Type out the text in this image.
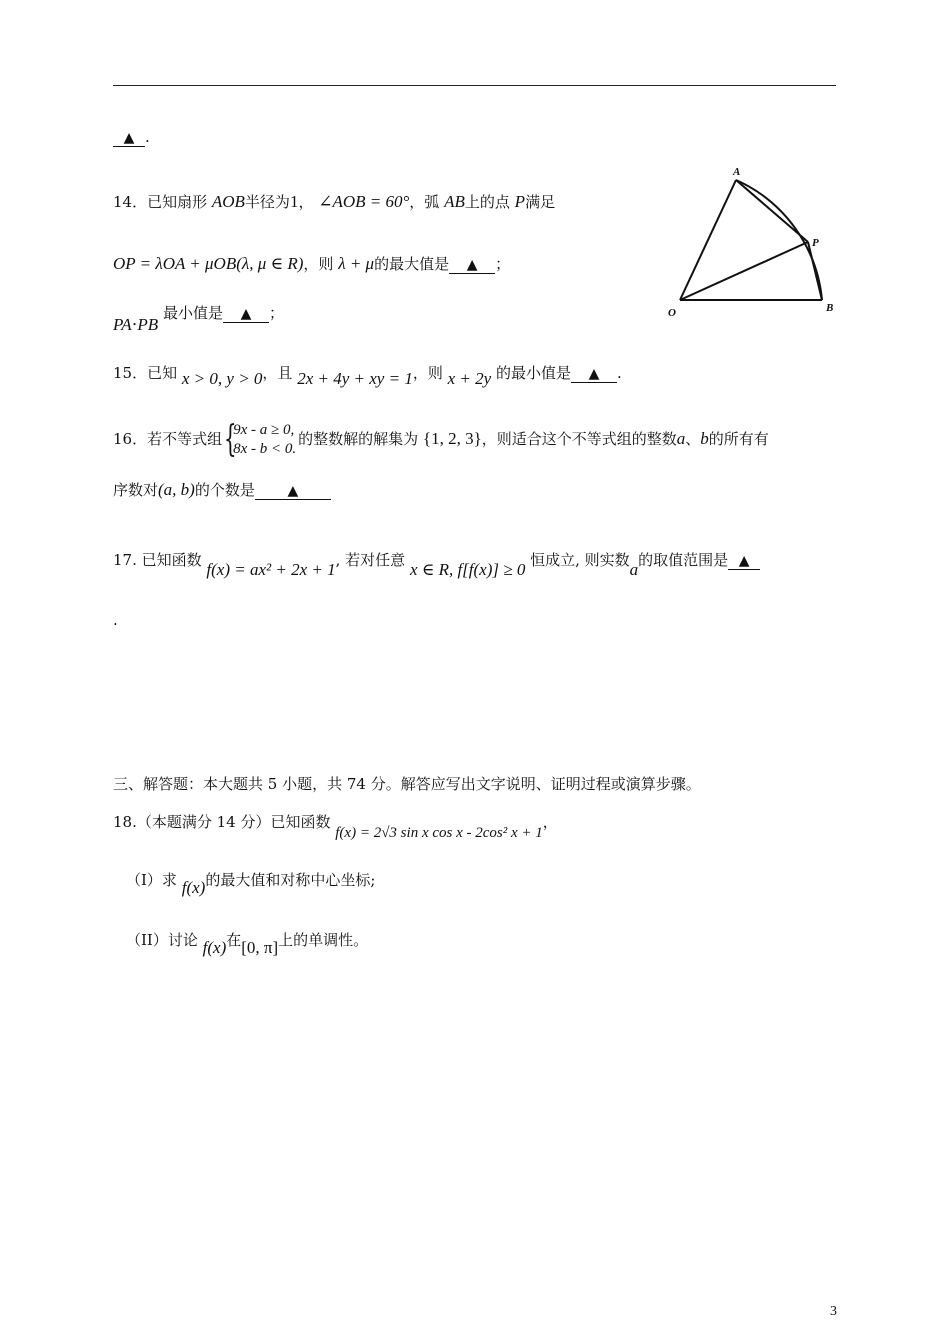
▲ .
14．已知扇形 AOB半径为1， ∠AOB = 60°，弧 AB上的点 P满足
OP = λOA + μOB(λ, μ ∈ R)，则 λ + μ的最大值是 ▲ ；
PA⋅PB 最小值是 ▲ ；
A
P
O	B
15．已知 x > 0, y > 0，且 2x + 4y + xy = 1，则 x + 2y 的最小值是 ▲ .
16．若不等式组 {
9x - a ≥ 0,
8x - b < 0.
的整数解的解集为 {1, 2, 3}，则适合这个不等式组的整数a、b的所有有
序数对(a, b)的个数是 ▲
17. 已知函数 f(x) = ax² + 2x + 1, 若对任意 x ∈ R, f[f(x)] ≥ 0 恒成立, 则实数a的取值范围是 ▲
.
三、解答题：本大题共 5 小题，共 74 分。解答应写出文字说明、证明过程或演算步骤。
18.（本题满分 14 分）已知函数 f(x) = 2√3 sin x cos x - 2cos² x + 1，
（I）求 f(x)的最大值和对称中心坐标;
（II）讨论 f(x)在[0, π]上的单调性。
3
